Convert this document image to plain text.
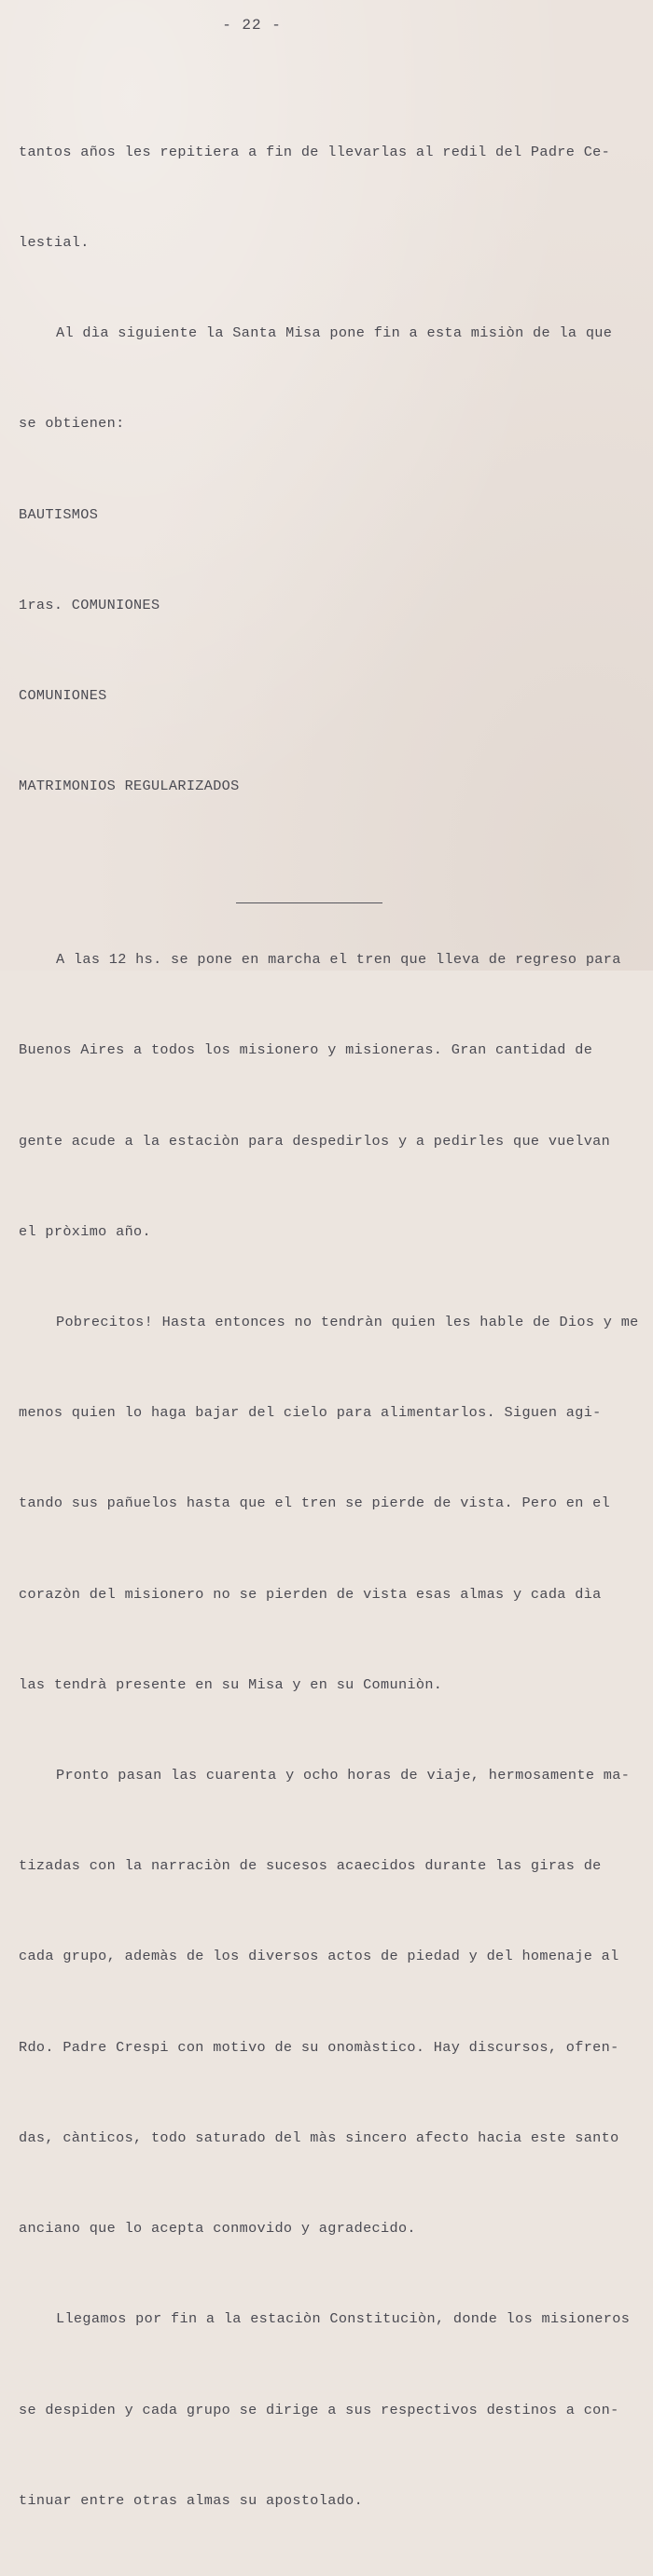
- 22 -

tantos años les repitiera a fin de llevarlas al redil del Padre Ce-

lestial.

Al dìa siguiente la Santa Misa pone fin a esta misiòn de la que

se obtienen:

BAUTISMOS

1ras. COMUNIONES

COMUNIONES

MATRIMONIOS REGULARIZADOS

A las 12 hs. se pone en marcha el tren que lleva de regreso para

Buenos Aires a todos los misionero y misioneras. Gran cantidad de

gente acude a la estaciòn para despedirlos y a pedirles que vuelvan

el pròximo año.

Pobrecitos! Hasta entonces no tendràn quien les hable de Dios y me

menos quien lo haga bajar del cielo para alimentarlos. Siguen agi-

tando sus pañuelos hasta que el tren se pierde de vista. Pero en el

corazòn del misionero no se pierden de vista esas almas y cada dìa

las tendrà presente en su Misa y en su Comuniòn.

Pronto pasan las cuarenta y ocho horas de viaje, hermosamente ma-

tizadas con la narraciòn de sucesos acaecidos durante las giras de

cada grupo, ademàs de los diversos actos de piedad y del homenaje al

Rdo. Padre Crespi con motivo de su onomàstico. Hay discursos, ofren-

das, cànticos, todo saturado del màs sincero afecto hacia este santo

anciano que lo acepta conmovido y agradecido.

Llegamos por fin a la estaciòn Constituciòn, donde los misioneros

se despiden y cada grupo se dirige a sus respectivos destinos a con-

tinuar entre otras almas su apostolado.
